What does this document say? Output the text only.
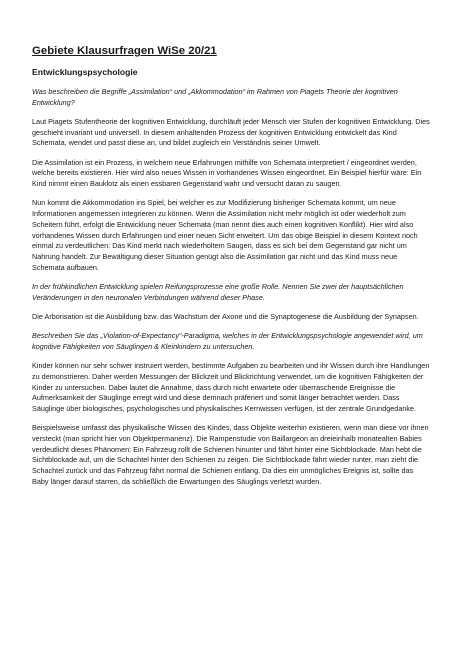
Gebiete Klausurfragen WiSe 20/21
Entwicklungspsychologie

Was beschreiben die Begriffe „Assimilation“ und „Akkommodation“ im Rahmen von Piagets Theorie der kognitiven Entwicklung?

Laut Piagets Stufentheorie der kognitiven Entwicklung, durchläuft jeder Mensch vier Stufen der kognitiven Entwicklung. Dies geschieht invariant und universell. In diesem anhaltenden Prozess der kognitiven Entwicklung entwickelt das Kind Schemata, wendet und passt diese an, und bildet zugleich ein Verständnis seiner Umwelt.

Die Assimilation ist ein Prozess, in welchem neue Erfahrungen mithilfe von Schemata interpretiert / eingeordnet werden, welche bereits existieren. Hier wird also neues Wissen in vorhandenes Wissen eingeordnet. Ein Beispiel hierfür wäre: Ein Kind nimmt einen Bauklotz als einen essbaren Gegenstand wahr und versucht daran zu saugen.

Nun kommt die Akkommodation ins Spiel, bei welcher es zur Modifizierung bisheriger Schemata kommt, um neue Informationen angemessen integrieren zu können. Wenn die Assimilation nicht mehr möglich ist oder wiederholt zum Scheitern führt, erfolgt die Entwicklung neuer Schemata (man nennt dies auch einen kognitiven Konflikt). Hier wird also vorhandenes Wissen durch Erfahrungen und einer neuen Sicht erweitert. Um das obige Beispiel in diesem Kontext noch einmal zu verdeutlichen: Das Kind merkt nach wiederholtem Saugen, dass es sich bei dem Gegenstand gar nicht um Nahrung handelt. Zur Bewältigung dieser Situation genügt also die Assimilation gar nicht und das Kind muss neue Schemata aufbauen.

In der frühkindlichen Entwicklung spielen Reifungsprozesse eine große Rolle. Nennen Sie zwei der hauptsächlichen Veränderungen in den neuronalen Verbindungen während dieser Phase.

Die Arborisation ist die Ausbildung bzw. das Wachstum der Axone und die Synaptogenese die Ausbildung der Synapsen.

Beschreiben Sie das „Violation-of-Expectancy“-Paradigma, welches in der Entwicklungspsychologie angewendet wird, um kognitive Fähigkeiten von Säuglingen & Kleinkindern zu untersuchen.

Kinder können nur sehr schwer instruiert werden, bestimmte Aufgaben zu bearbeiten und ihr Wissen durch ihre Handlungen zu demonstrieren. Daher werden Messungen der Blickzeit und Blickrichtung verwendet, um die kognitiven Fähigkeiten der Kinder zu untersuchen. Dabei lautet die Annahme, dass durch nicht erwartete oder überraschende Ereignisse die Aufmerksamkeit der Säuglinge erregt wird und diese demnach präferiert und somit länger betrachtet werden. Dass Säuglinge über biologisches, psychologisches und physikalisches Kernwissen verfügen, ist der zentrale Grundgedanke.

Beispielsweise umfasst das physikalische Wissen des Kindes, dass Objekte weiterhin existieren, wenn man diese vor ihnen versteckt (man spricht hier von Objektpermanenz). Die Rampenstudie von Baillargeon an dreieinhalb monatealten Babies verdeutlicht dieses Phänomen: Ein Fahrzeug rollt die Schienen hinunter und fährt hinter eine Sichtblockade. Man hebt die Sichtblockade auf, um die Schachtel hinter den Schienen zu zeigen. Die Sichtblockade fährt wieder runter, man zieht die Schachtel zurück und das Fahrzeug fährt normal die Schienen entlang. Da dies ein unmögliches Ereignis ist, sollte das Baby länger darauf starren, da schließlich die Erwartungen des Säuglings verletzt wurden.
